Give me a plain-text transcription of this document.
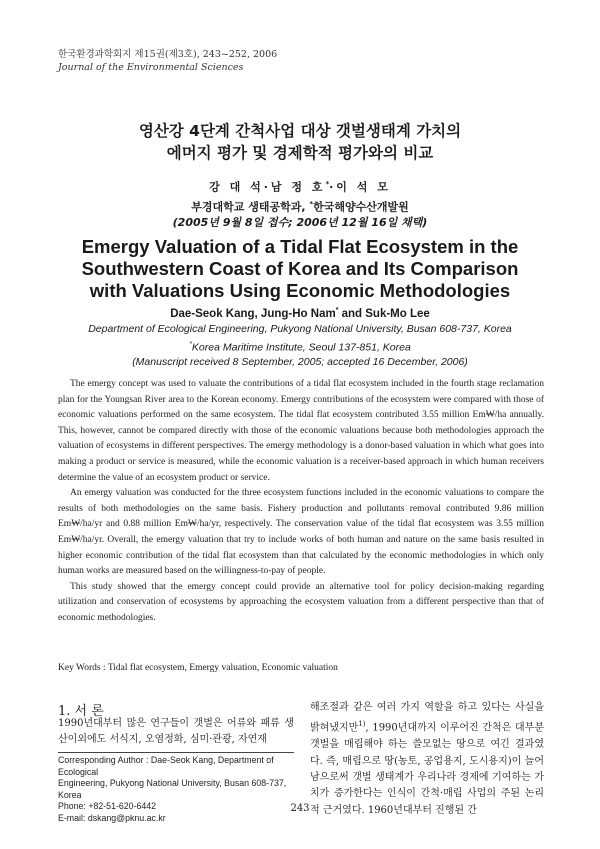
한국환경과학회지 제15권(제3호), 243~252, 2006
Journal of the Environmental Sciences
영산강 4단계 간척사업 대상 갯벌생태계 가치의
에머지 평가 및 경제학적 평가와의 비교
강 대 석·남 정 호*·이 석 모
부경대학교 생태공학과, *한국해양수산개발원
(2005년 9월 8일 접수; 2006년 12월 16일 채택)
Emergy Valuation of a Tidal Flat Ecosystem in the
Southwestern Coast of Korea and Its Comparison
with Valuations Using Economic Methodologies
Dae-Seok Kang, Jung-Ho Nam* and Suk-Mo Lee
Department of Ecological Engineering, Pukyong National University, Busan 608-737, Korea
*Korea Maritime Institute, Seoul 137-851, Korea
(Manuscript received 8 September, 2005; accepted 16 December, 2006)

The emergy concept was used to valuate the contributions of a tidal flat ecosystem included in the fourth stage reclamation plan for the Youngsan River area to the Korean economy. Emergy contributions of the ecosystem were compared with those of economic valuations performed on the same ecosystem. The tidal flat ecosystem contributed 3.55 million Em₩/ha annually. This, however, cannot be compared directly with those of the economic valuations because both methodologies approach the valuation of ecosystems in different perspectives. The emergy methodology is a donor-based valuation in which what goes into making a product or service is measured, while the economic valuation is a receiver-based approach in which human receivers determine the value of an ecosystem product or service.

An emergy valuation was conducted for the three ecosystem functions included in the economic valuations to compare the results of both methodologies on the same basis. Fishery production and pollutants removal contributed 9.86 million Em₩/ha/yr and 0.88 million Em₩/ha/yr, respectively. The conservation value of the tidal flat ecosystem was 3.55 million Em₩/ha/yr. Overall, the emergy valuation that try to include works of both human and nature on the same basis resulted in higher economic contribution of the tidal flat ecosystem than that calculated by the economic methodologies in which only human works are measured based on the willingness-to-pay of people.

This study showed that the emergy concept could provide an alternative tool for policy decision-making regarding utilization and conservation of ecosystems by approaching the ecosystem valuation from a different perspective than that of economic methodologies.

Key Words : Tidal flat ecosystem, Emergy valuation, Economic valuation
1. 서 론
1990년대부터 많은 연구들이 갯벌은 어류와 패류 생산이외에도 서식지, 오염정화, 심미·관광, 자연재
Corresponding Author : Dae-Seok Kang, Department of Ecological
Engineering, Pukyong National University, Busan 608-737, Korea
Phone: +82-51-620-6442
E-mail: dskang@pknu.ac.kr
해조절과 같은 여러 가지 역할을 하고 있다는 사실을 밝혀냈지만$^{1)}$, 1990년대까지 이루어진 간척은 대부분 갯벌을 매립해야 하는 쓸모없는 땅으로 여긴 결과였다. 즉, 매립으로 땅(농토, 공업용지, 도시용지)이 늘어남으로써 갯벌 생태계가 우리나라 경제에 기여하는 가치가 증가한다는 인식이 간척·매립 사업의 주된 논리적 근거였다. 1960년대부터 진행된 간
243
